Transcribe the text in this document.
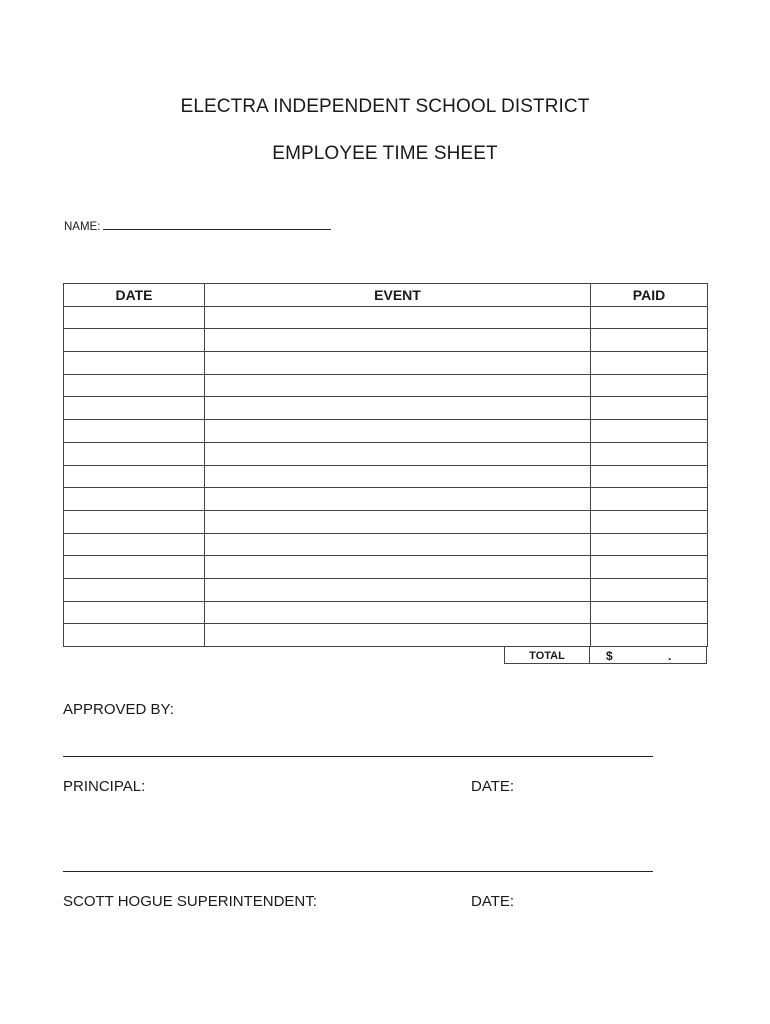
ELECTRA INDEPENDENT SCHOOL DISTRICT
EMPLOYEE TIME SHEET
NAME:
DATE	EVENT	PAID

TOTAL	$	.
APPROVED BY:
PRINCIPAL:	DATE:
SCOTT HOGUE SUPERINTENDENT:	DATE:
